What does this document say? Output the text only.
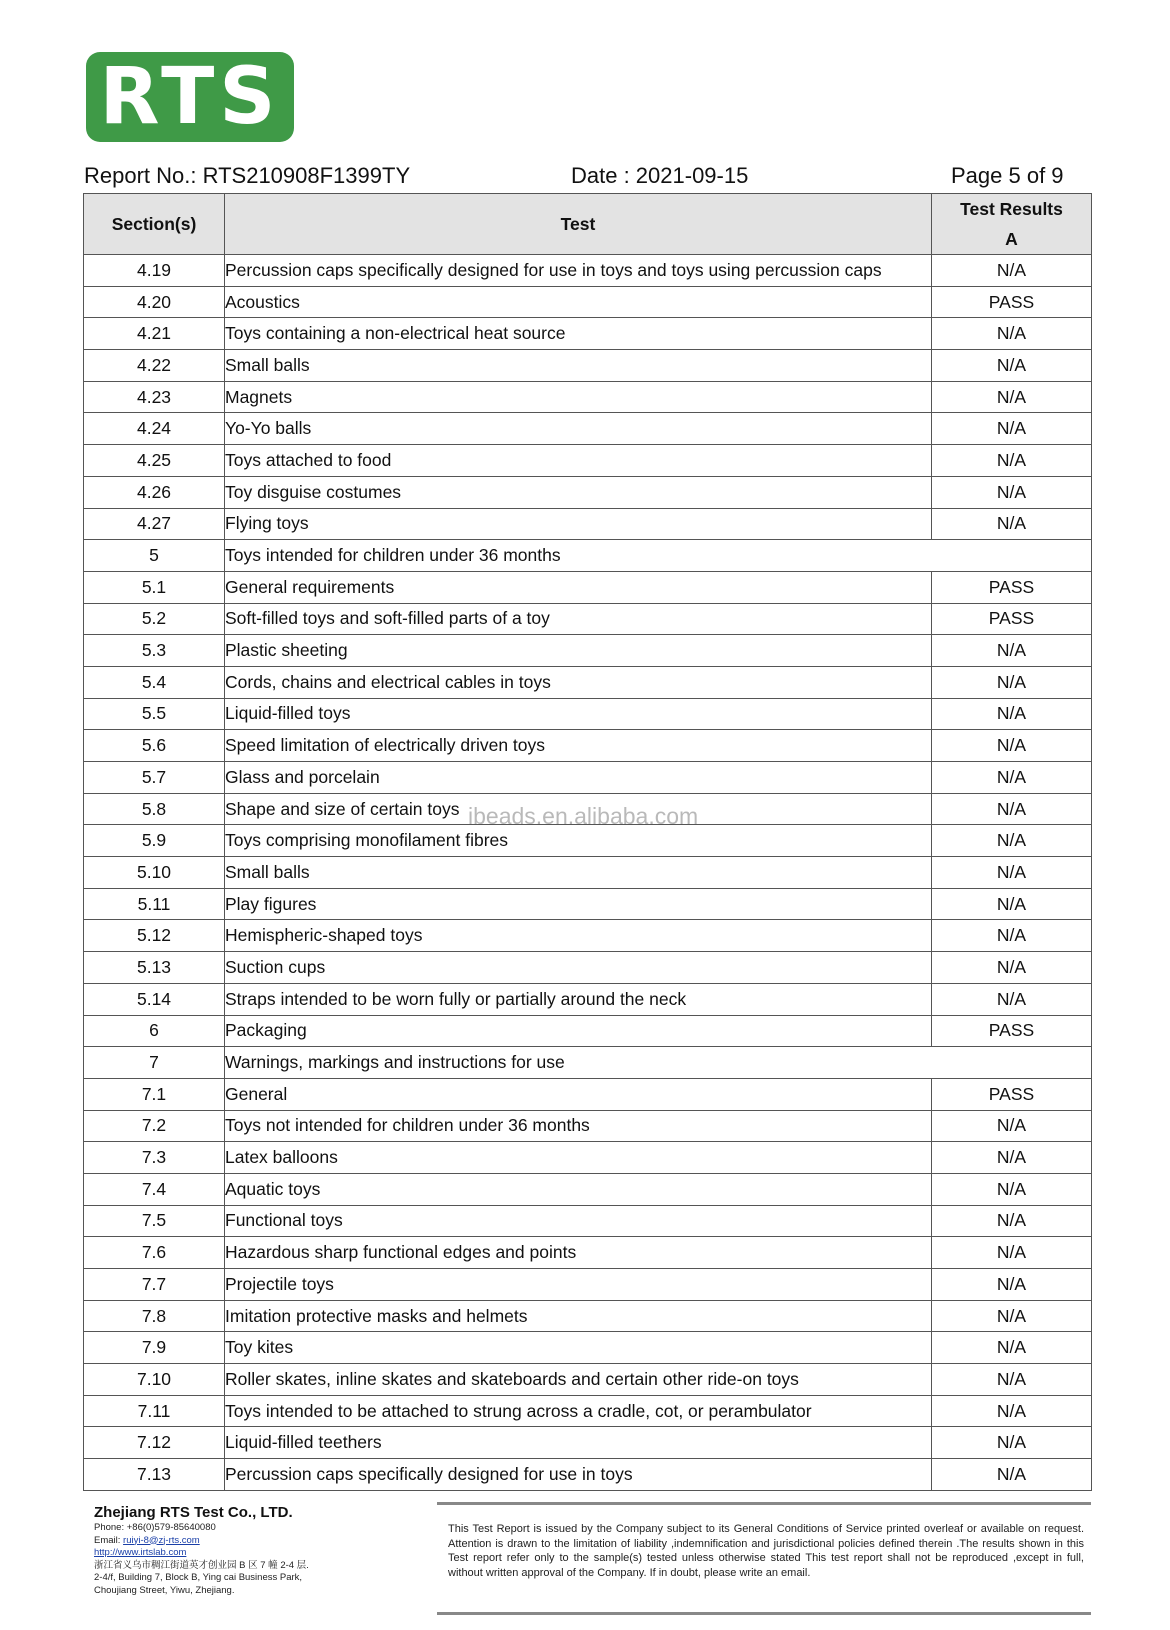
RTS
Report No.: RTS210908F1399TY	Date : 2021-09-15	Page 5 of 9
Section(s)	Test	Test Results
A

4.19	Percussion caps specifically designed for use in toys and toys using percussion caps	N/A
4.20	Acoustics	PASS
4.21	Toys containing a non-electrical heat source	N/A
4.22	Small balls	N/A
4.23	Magnets	N/A
4.24	Yo-Yo balls	N/A
4.25	Toys attached to food	N/A
4.26	Toy disguise costumes	N/A
4.27	Flying toys	N/A
5	Toys intended for children under 36 months	
5.1	General requirements	PASS
5.2	Soft-filled toys and soft-filled parts of a toy	PASS
5.3	Plastic sheeting	N/A
5.4	Cords, chains and electrical cables in toys	N/A
5.5	Liquid-filled toys	N/A
5.6	Speed limitation of electrically driven toys	N/A
5.7	Glass and porcelain	N/A
5.8	Shape and size of certain toys	N/A
5.9	Toys comprising monofilament fibres	N/A
5.10	Small balls	N/A
5.11	Play figures	N/A
5.12	Hemispheric-shaped toys	N/A
5.13	Suction cups	N/A
5.14	Straps intended to be worn fully or partially around the neck	N/A
6	Packaging	PASS
7	Warnings, markings and instructions for use	
7.1	General	PASS
7.2	Toys not intended for children under 36 months	N/A
7.3	Latex balloons	N/A
7.4	Aquatic toys	N/A
7.5	Functional toys	N/A
7.6	Hazardous sharp functional edges and points	N/A
7.7	Projectile toys	N/A
7.8	Imitation protective masks and helmets	N/A
7.9	Toy kites	N/A
7.10	Roller skates, inline skates and skateboards and certain other ride-on toys	N/A
7.11	Toys intended to be attached to strung across a cradle, cot, or perambulator	N/A
7.12	Liquid-filled teethers	N/A
7.13	Percussion caps specifically designed for use in toys	N/A
ibeads.en.alibaba.com
Zhejiang RTS Test Co., LTD.
Phone: +86(0)579-85640080
Email: ruiyi-8@zj-rts.com
http://www.irtslab.com
浙江省义乌市稠江街道英才创业园 B 区 7 幢 2-4 层.
2-4/f, Building 7, Block B, Ying cai Business Park,
Choujiang Street, Yiwu, Zhejiang.
This Test Report is issued by the Company subject to its General Conditions of Service printed overleaf or available on request. Attention is drawn to the limitation of liability ,indemnification and jurisdictional policies defined therein .The results shown in this Test report refer only to the sample(s) tested unless otherwise stated This test report shall not be reproduced ,except in full, without written approval of the Company. If in doubt, please write an email.
